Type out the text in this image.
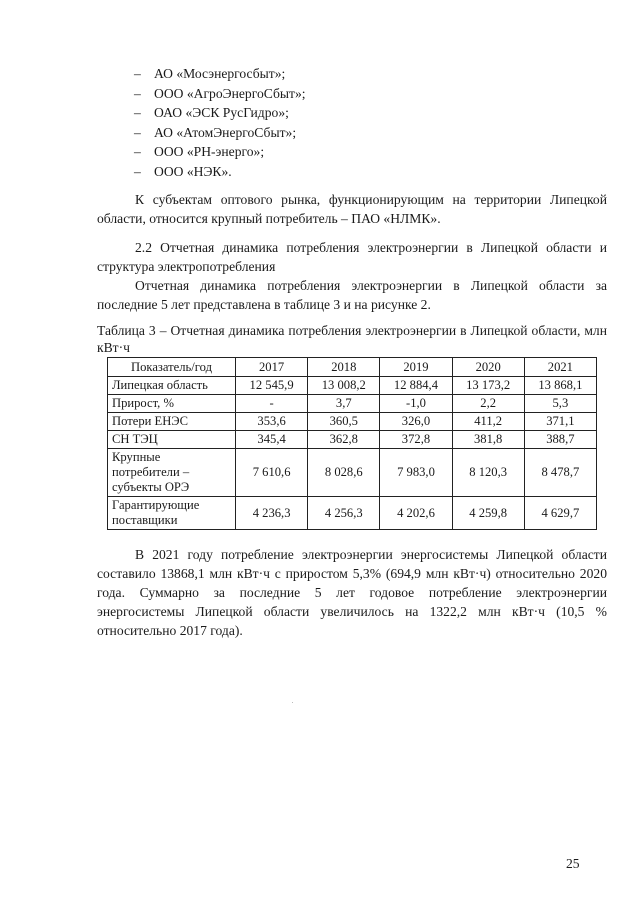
– АО «Мосэнергосбыт»;
– ООО «АгроЭнергоСбыт»;
– ОАО «ЭСК РусГидро»;
– АО «АтомЭнергоСбыт»;
– ООО «РН-энерго»;
– ООО «НЭК».

К субъектам оптового рынка, функционирующим на территории Липецкой области, относится крупный потребитель – ПАО «НЛМК».

2.2 Отчетная динамика потребления электроэнергии в Липецкой области и структура электропотребления

Отчетная динамика потребления электроэнергии в Липецкой области за последние 5 лет представлена в таблице 3 и на рисунке 2.

Таблица 3 – Отчетная динамика потребления электроэнергии в Липецкой области, млн кВт·ч

Показатель/год	2017	2018	2019	2020	2021
Липецкая область	12 545,9	13 008,2	12 884,4	13 173,2	13 868,1
Прирост, %	-	3,7	-1,0	2,2	5,3
Потери ЕНЭС	353,6	360,5	326,0	411,2	371,1
СН ТЭЦ	345,4	362,8	372,8	381,8	388,7
Крупные потребители – субъекты ОРЭ	7 610,6	8 028,6	7 983,0	8 120,3	8 478,7
Гарантирующие поставщики	4 236,3	4 256,3	4 202,6	4 259,8	4 629,7

В 2021 году потребление электроэнергии энергосистемы Липецкой области составило 13868,1 млн кВт·ч с приростом 5,3% (694,9 млн кВт·ч) относительно 2020 года. Суммарно за последние 5 лет годовое потребление электроэнергии энергосистемы Липецкой области увеличилось на 1322,2 млн кВт·ч (10,5 % относительно 2017 года).

25
